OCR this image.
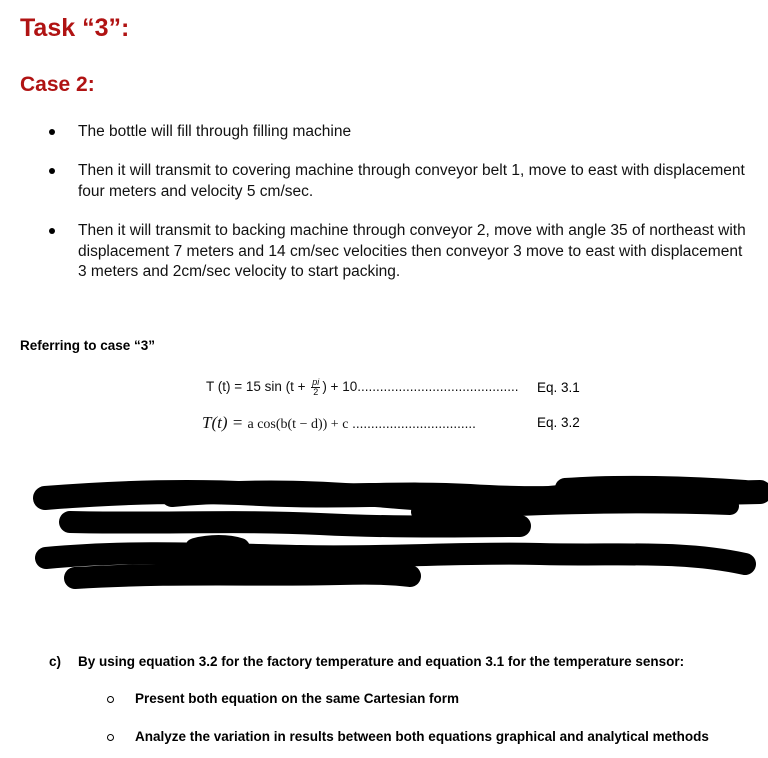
Task “3”:
Case 2:
The bottle will fill through filling machine
Then it will transmit to covering machine through conveyor belt 1, move to east with displacement
four meters and velocity 5 cm/sec.
Then it will transmit to backing machine through conveyor 2, move with angle 35 of northeast with
displacement 7 meters and 14 cm/sec velocities then conveyor 3 move to east with displacement
3 meters and 2cm/sec velocity to start packing.
Referring to case “3”
T (t) = 15 $\sin (t + \frac{pi}{2}$ ) + 10........................................... Eq. 3.1
T(t) = a cos(b(t − d)) + c .................................	Eq. 3.2
c) By using equation 3.2 for the factory temperature and equation 3.1 for the temperature sensor:
Present both equation on the same Cartesian form
Analyze the variation in results between both equations graphical and analytical methods
